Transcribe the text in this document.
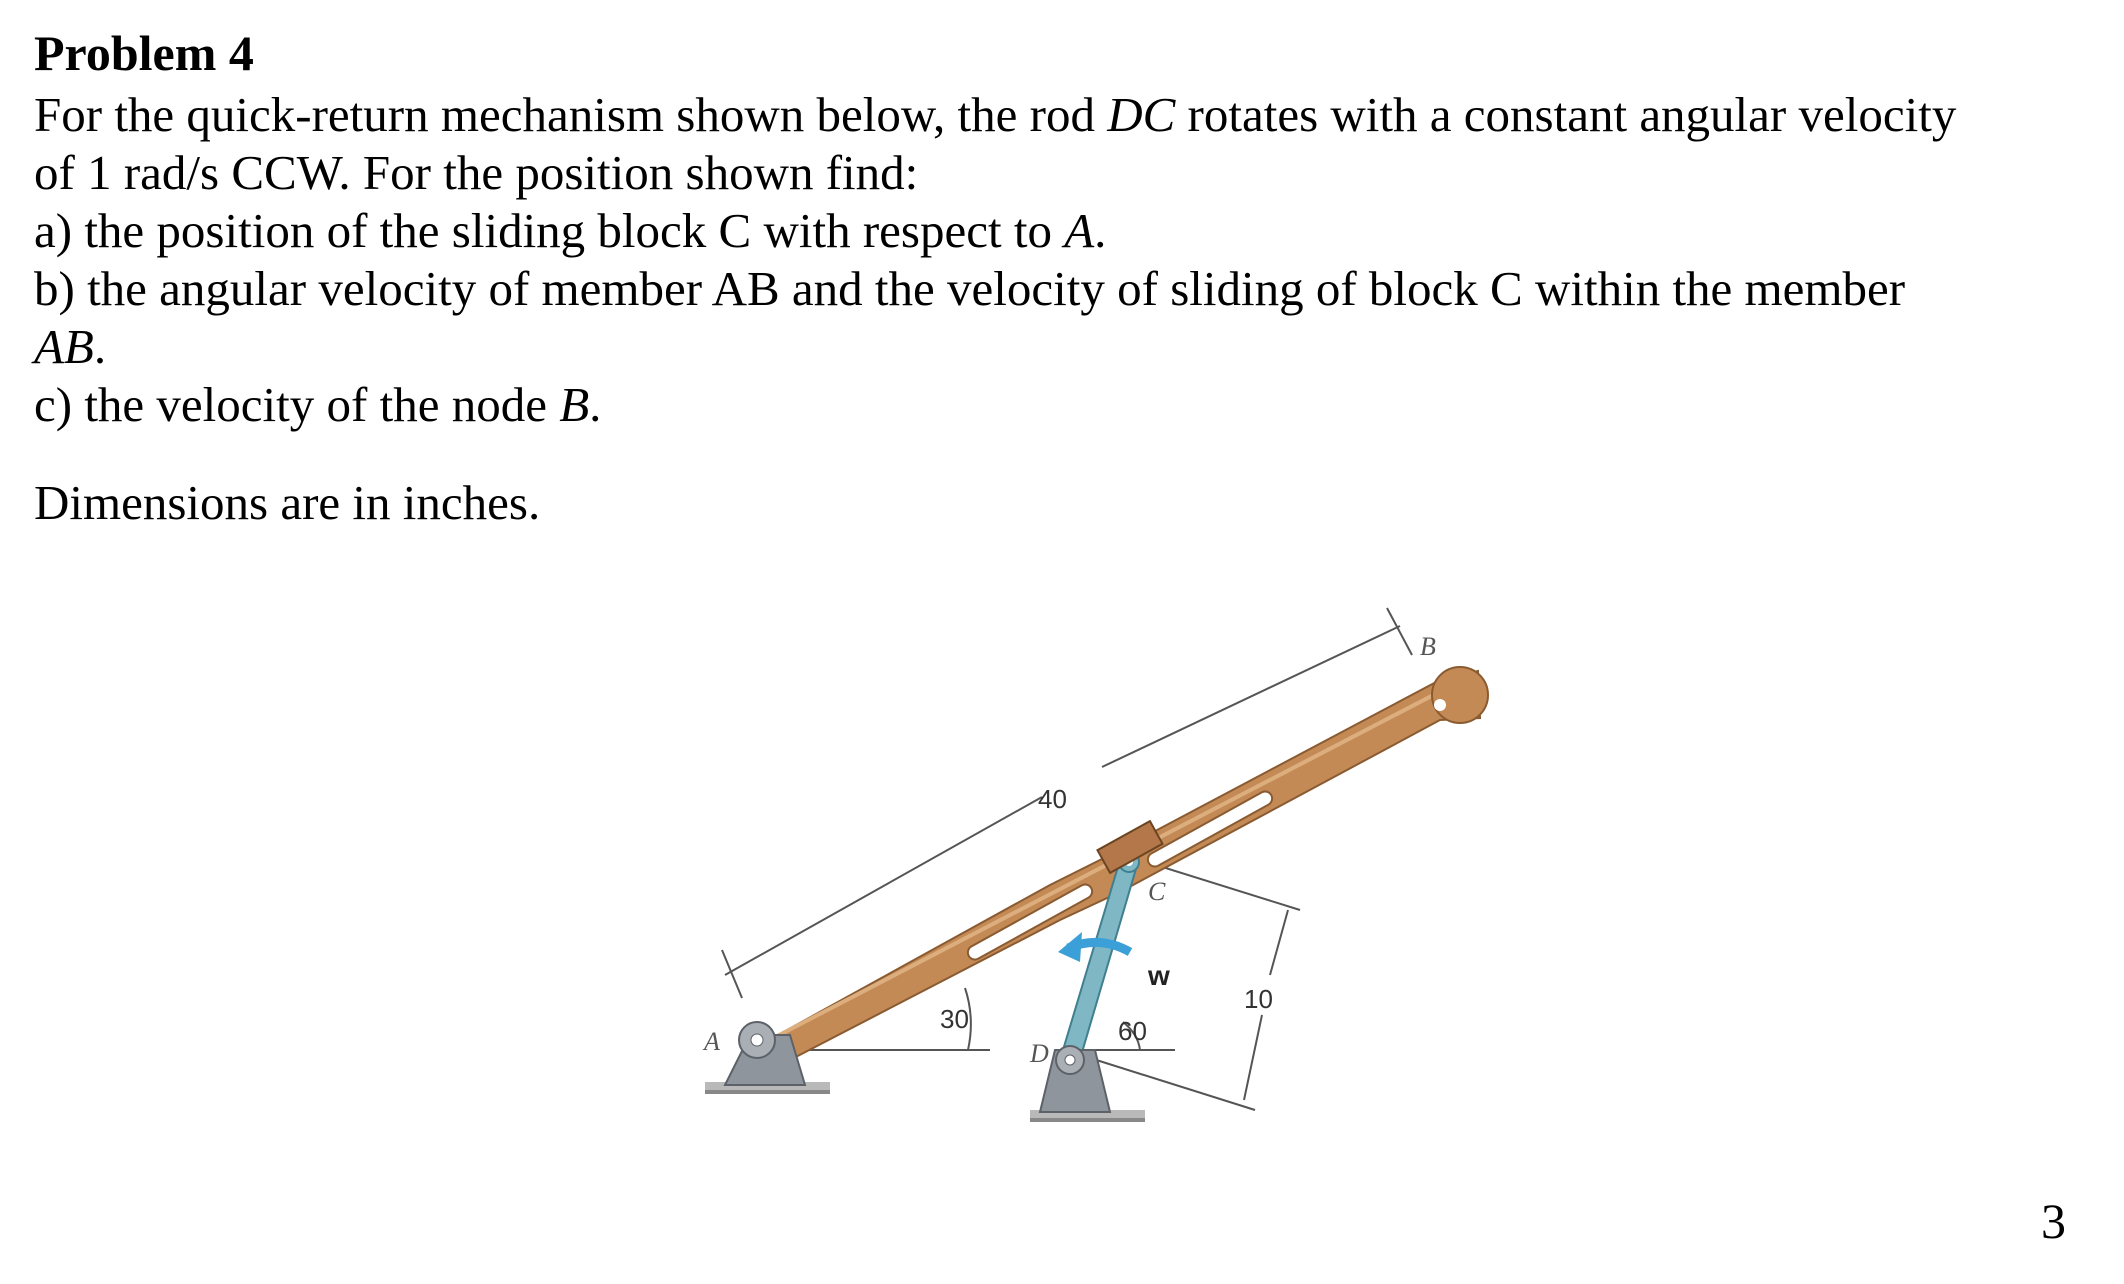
Problem 4

For the quick-return mechanism shown below, the rod DC rotates with a constant angular velocity

of 1 rad/s CCW. For the position shown find:

a) the position of the sliding block C with respect to A.

b) the angular velocity of member AB and the velocity of sliding of block C within the member

AB.

c) the velocity of the node B.

Dimensions are in inches.

40
30	60
10
w
A
B
C
D
3
